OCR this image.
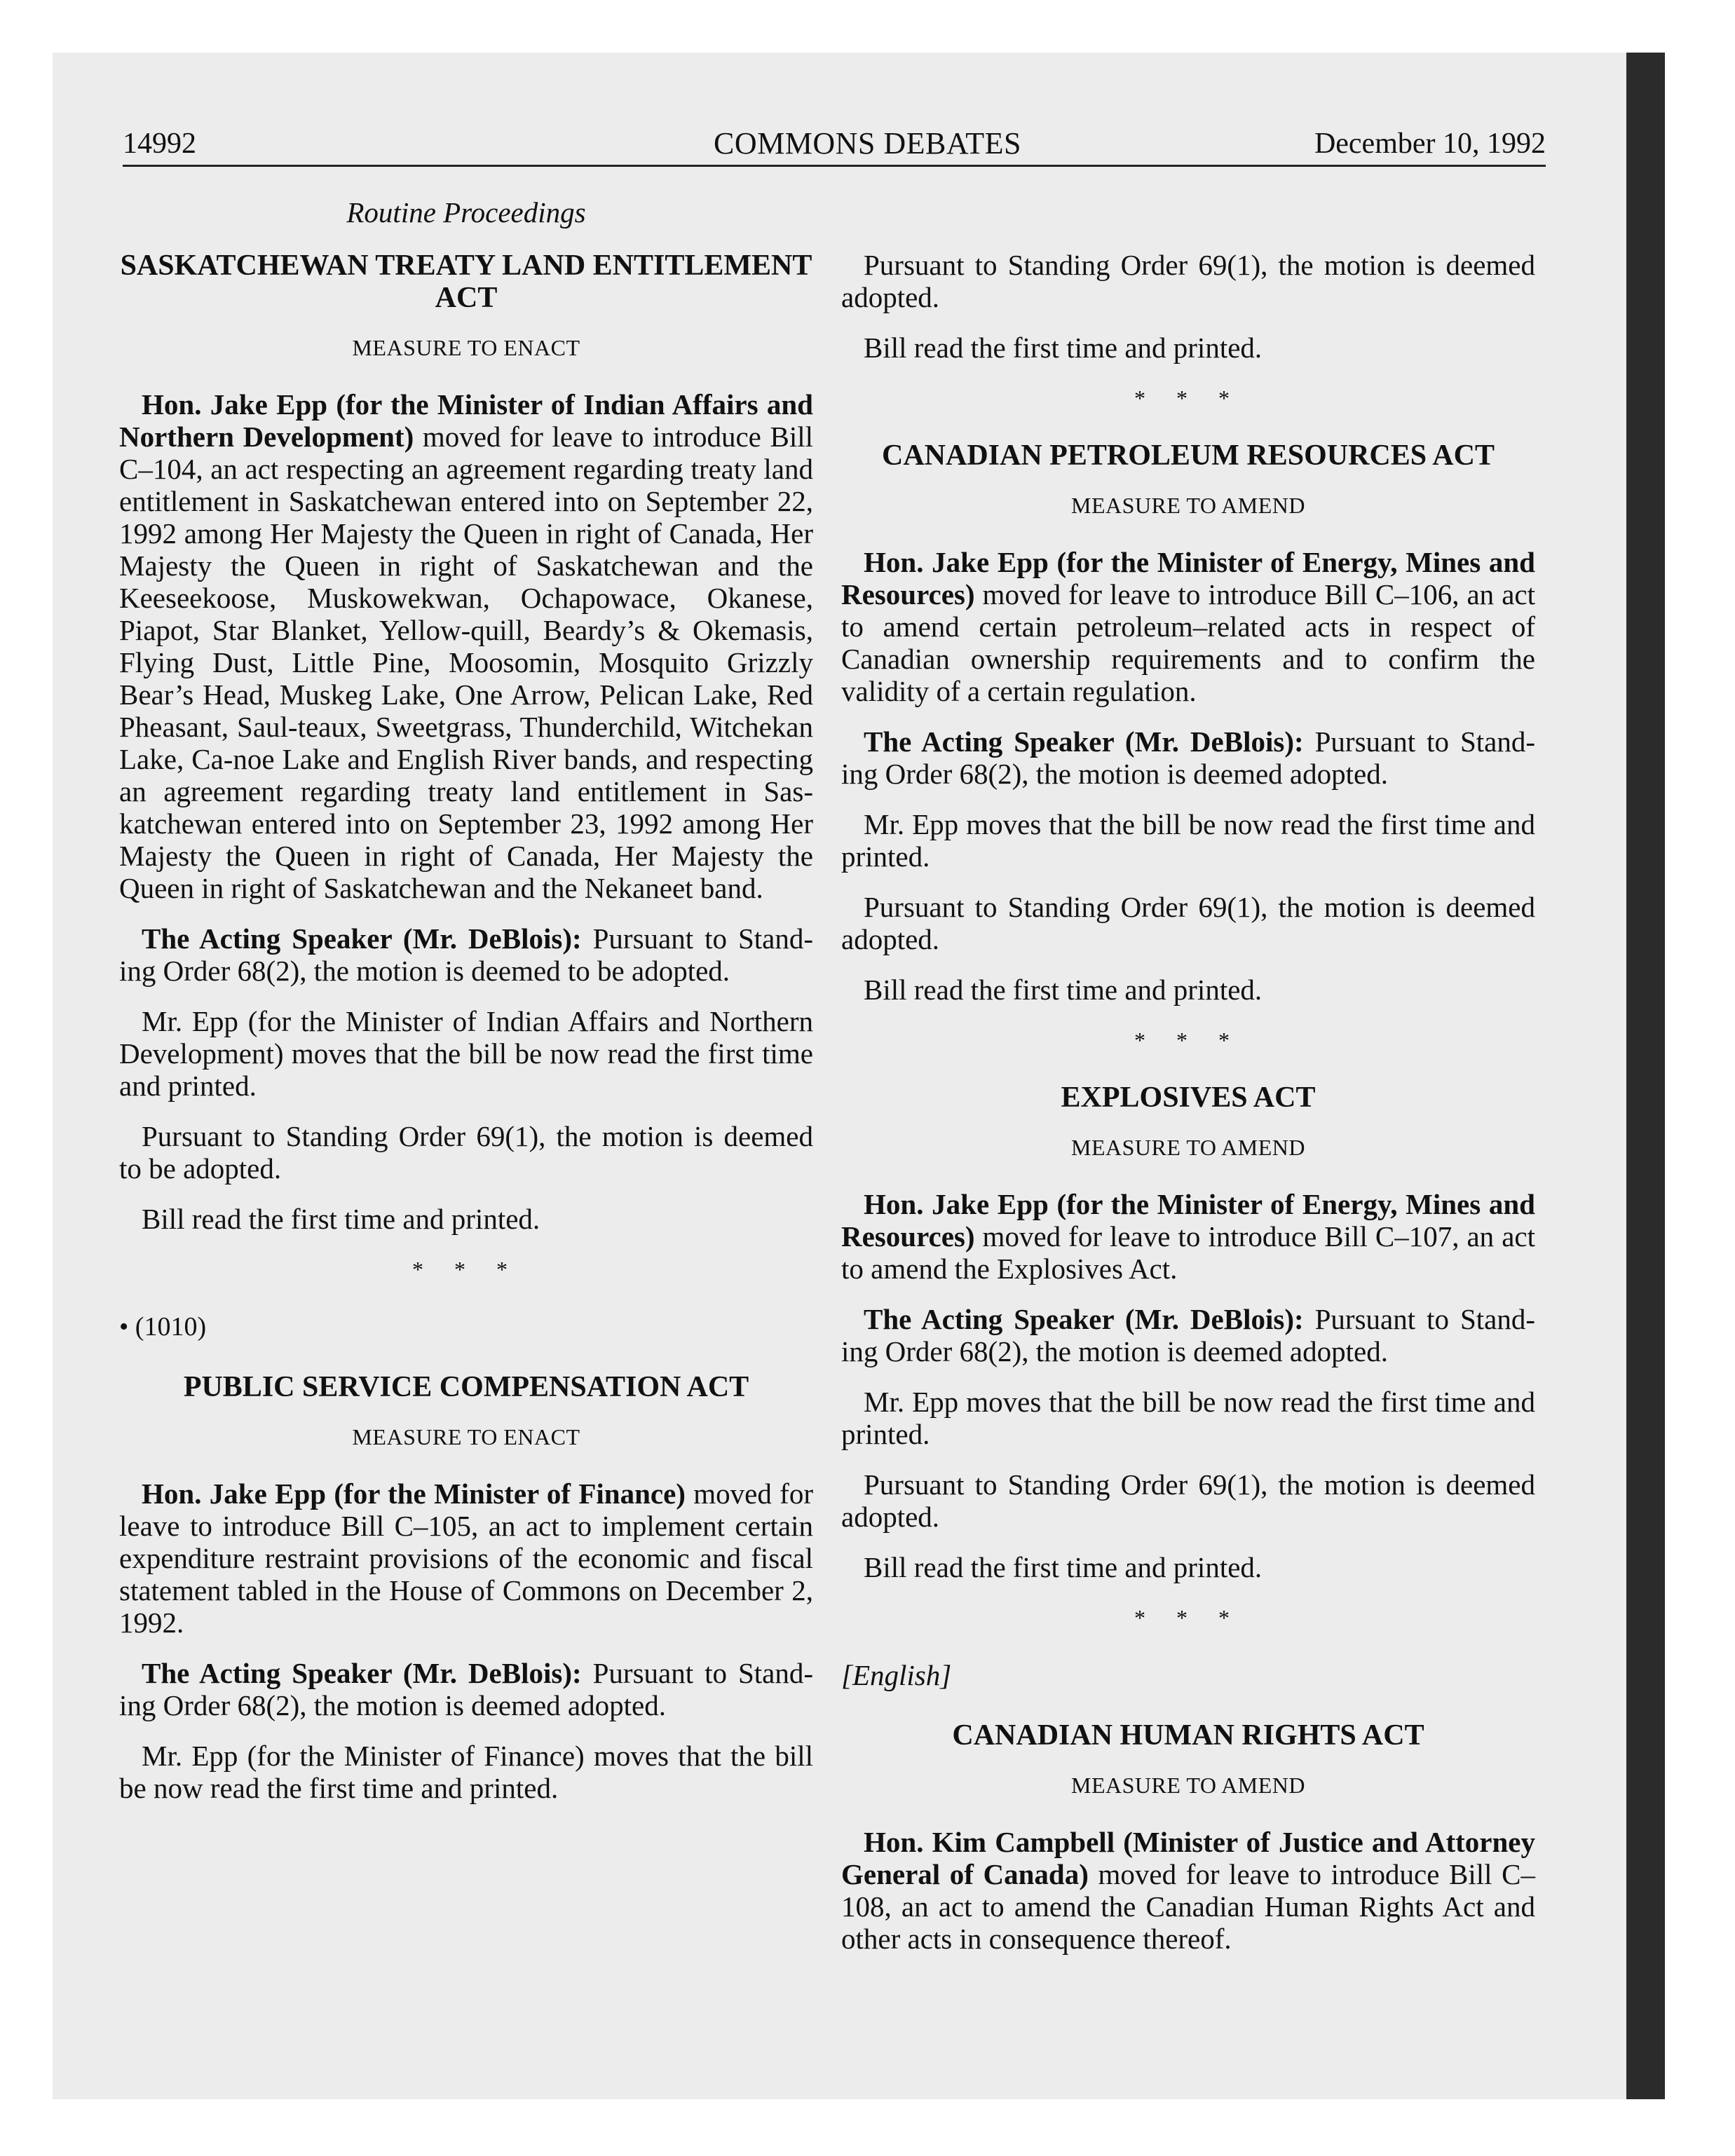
14992	COMMONS DEBATES	December 10, 1992
Routine Proceedings
SASKATCHEWAN TREATY LAND ENTITLEMENT ACT
MEASURE TO ENACT

Hon. Jake Epp (for the Minister of Indian Affairs and Northern Development) moved for leave to introduce Bill C–104, an act respecting an agreement regarding treaty land entitlement in Saskatchewan entered into on September 22, 1992 among Her Majesty the Queen in right of Canada, Her Majesty the Queen in right of Saskatchewan and the Keeseekoose, Muskowekwan, Ochapowace, Okanese, Piapot, Star Blanket, Yellow-quill, Beardy’s & Okemasis, Flying Dust, Little Pine, Moosomin, Mosquito Grizzly Bear’s Head, Muskeg Lake, One Arrow, Pelican Lake, Red Pheasant, Saul-teaux, Sweetgrass, Thunderchild, Witchekan Lake, Ca-noe Lake and English River bands, and respecting an agreement regarding treaty land entitlement in Sas-katchewan entered into on September 23, 1992 among Her Majesty the Queen in right of Canada, Her Majesty the Queen in right of Saskatchewan and the Nekaneet band.

The Acting Speaker (Mr. DeBlois): Pursuant to Stand-ing Order 68(2), the motion is deemed to be adopted.

Mr. Epp (for the Minister of Indian Affairs and Northern Development) moves that the bill be now read the first time and printed.

Pursuant to Standing Order 69(1), the motion is deemed to be adopted.

Bill read the first time and printed.

* * *
• (1010)
PUBLIC SERVICE COMPENSATION ACT
MEASURE TO ENACT

Hon. Jake Epp (for the Minister of Finance) moved for leave to introduce Bill C–105, an act to implement certain expenditure restraint provisions of the economic and fiscal statement tabled in the House of Commons on December 2, 1992.

The Acting Speaker (Mr. DeBlois): Pursuant to Stand-ing Order 68(2), the motion is deemed adopted.

Mr. Epp (for the Minister of Finance) moves that the bill be now read the first time and printed.

Pursuant to Standing Order 69(1), the motion is deemed adopted.

Bill read the first time and printed.

* * *
CANADIAN PETROLEUM RESOURCES ACT
MEASURE TO AMEND

Hon. Jake Epp (for the Minister of Energy, Mines and Resources) moved for leave to introduce Bill C–106, an act to amend certain petroleum–related acts in respect of Canadian ownership requirements and to confirm the validity of a certain regulation.

The Acting Speaker (Mr. DeBlois): Pursuant to Stand-ing Order 68(2), the motion is deemed adopted.

Mr. Epp moves that the bill be now read the first time and printed.

Pursuant to Standing Order 69(1), the motion is deemed adopted.

Bill read the first time and printed.

* * *
EXPLOSIVES ACT
MEASURE TO AMEND

Hon. Jake Epp (for the Minister of Energy, Mines and Resources) moved for leave to introduce Bill C–107, an act to amend the Explosives Act.

The Acting Speaker (Mr. DeBlois): Pursuant to Stand-ing Order 68(2), the motion is deemed adopted.

Mr. Epp moves that the bill be now read the first time and printed.

Pursuant to Standing Order 69(1), the motion is deemed adopted.

Bill read the first time and printed.

* * *
[English]
CANADIAN HUMAN RIGHTS ACT
MEASURE TO AMEND

Hon. Kim Campbell (Minister of Justice and Attorney General of Canada) moved for leave to introduce Bill C–108, an act to amend the Canadian Human Rights Act and other acts in consequence thereof.
